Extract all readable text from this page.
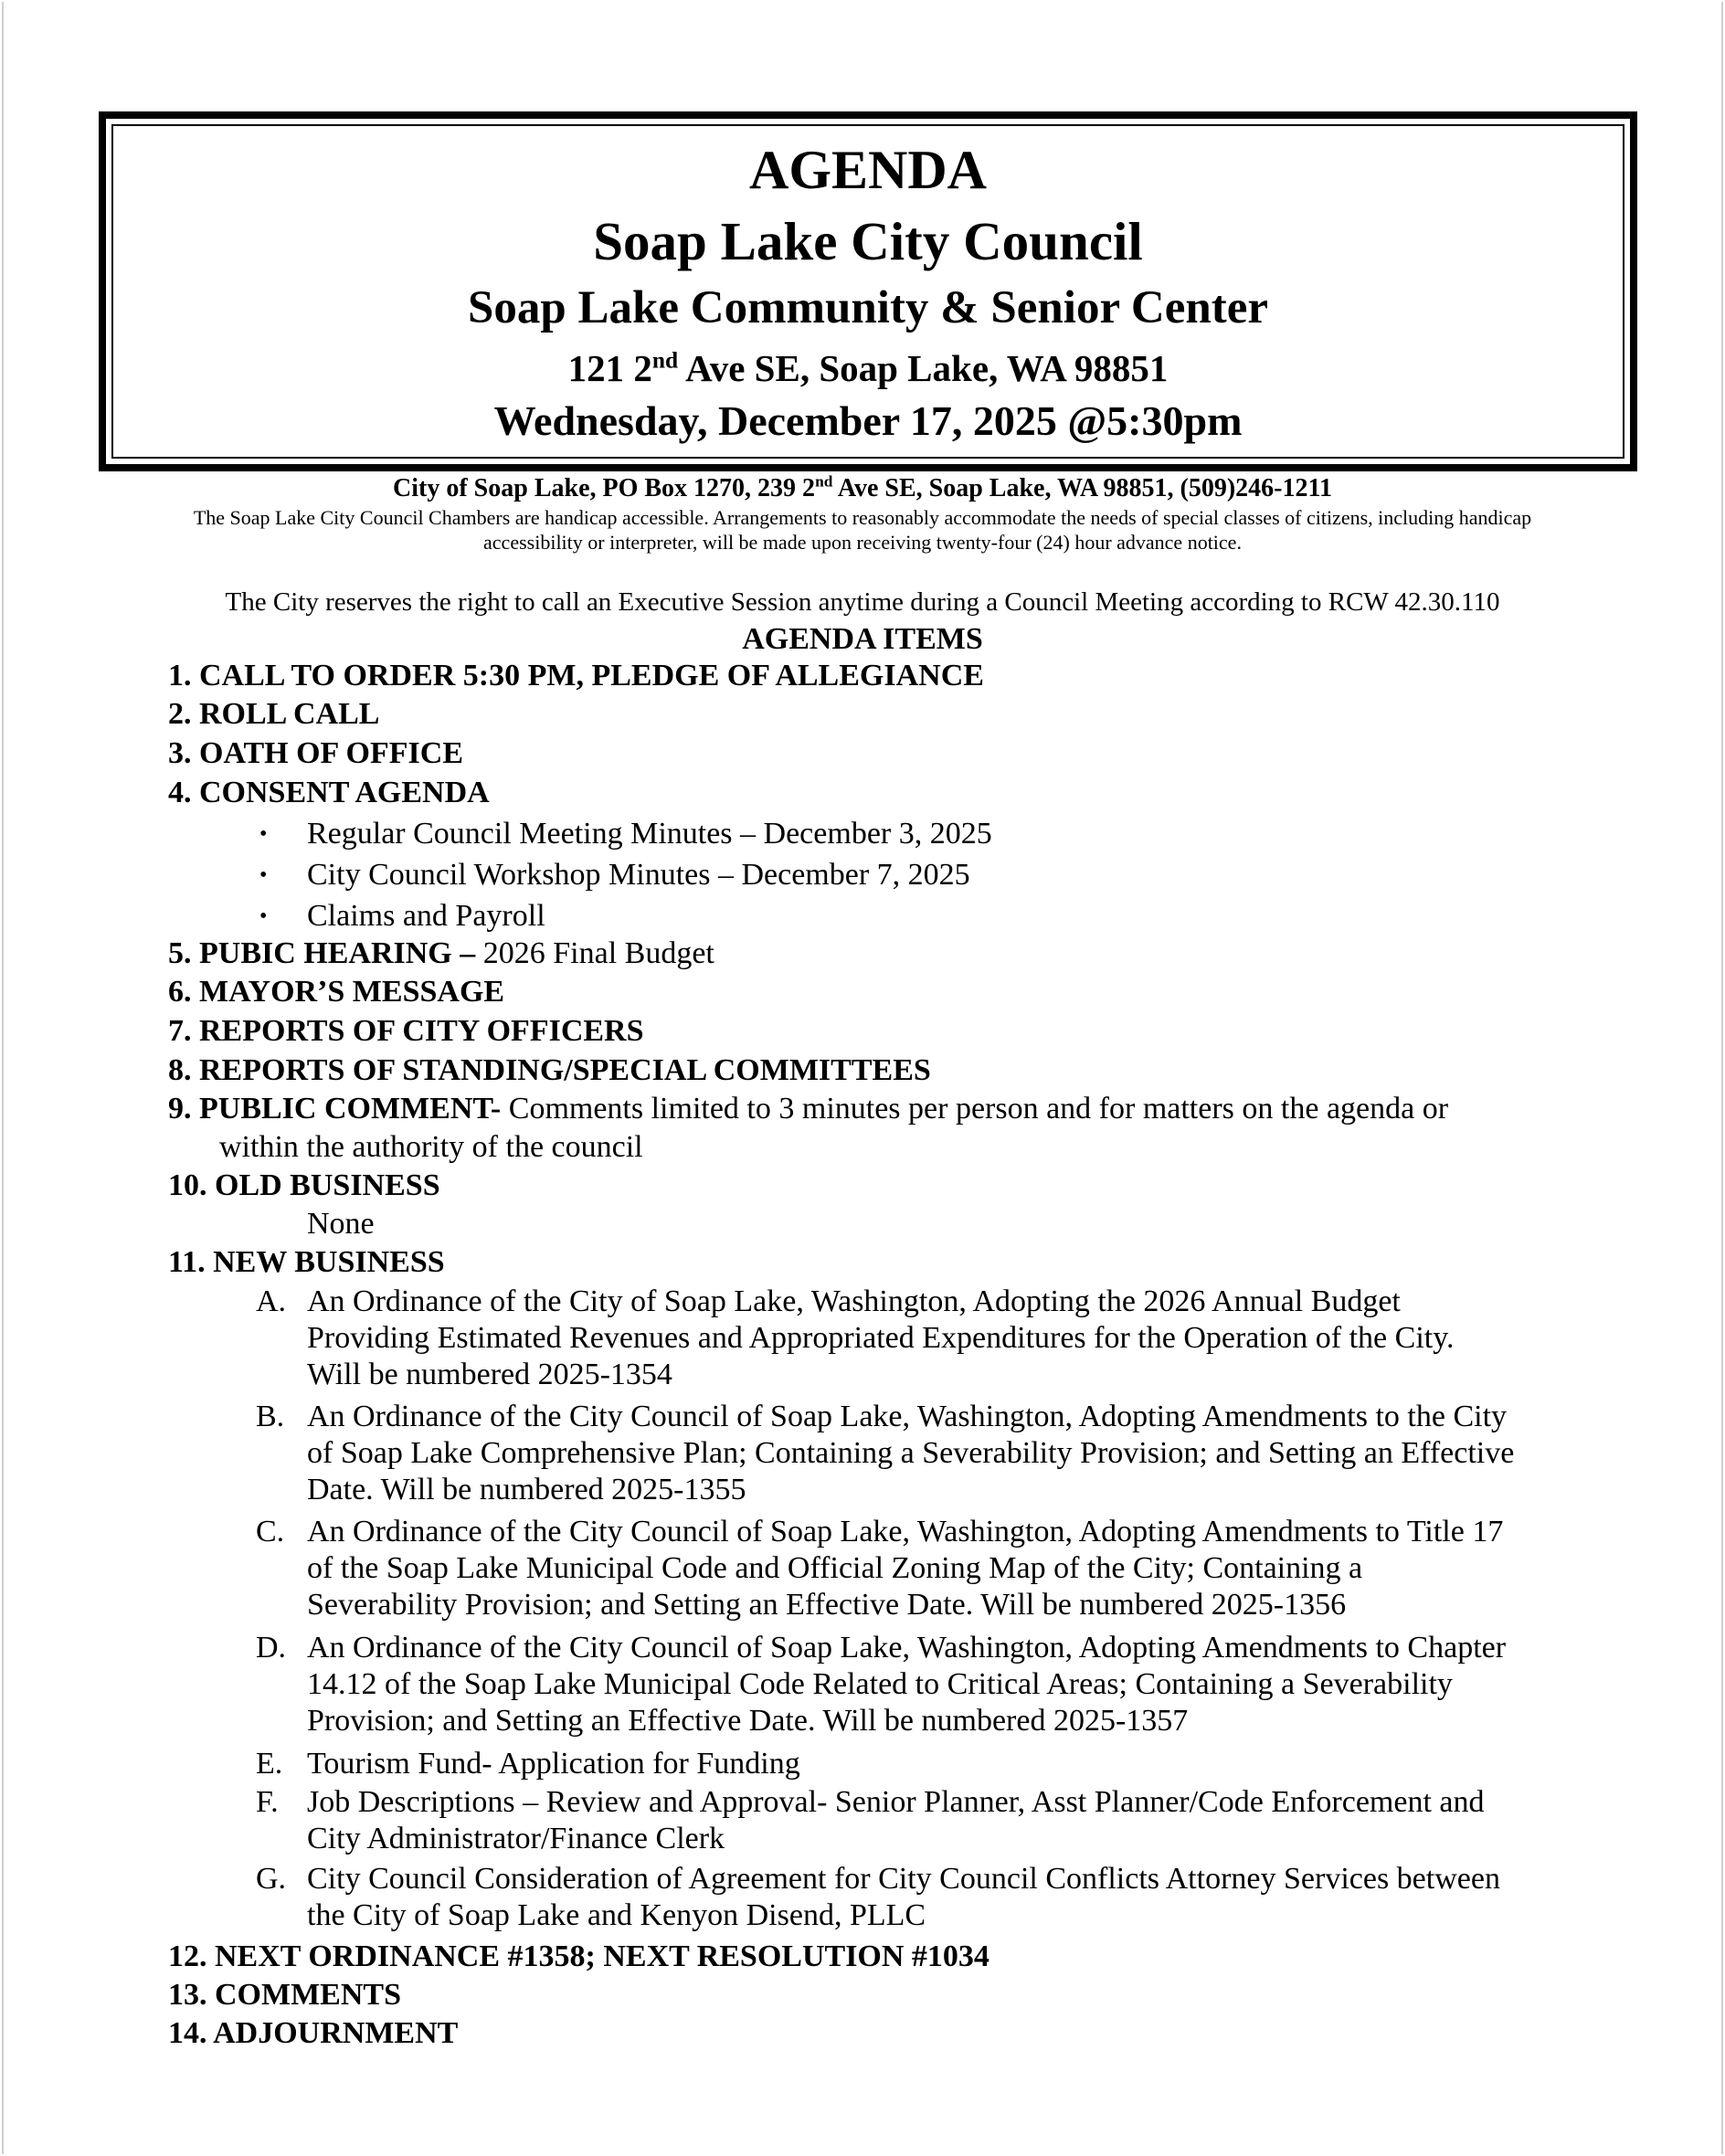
AGENDA
Soap Lake City Council
Soap Lake Community & Senior Center
121 2nd Ave SE, Soap Lake, WA 98851
Wednesday, December 17, 2025 @5:30pm
City of Soap Lake, PO Box 1270, 239 2nd Ave SE, Soap Lake, WA 98851, (509)246-1211
The Soap Lake City Council Chambers are handicap accessible. Arrangements to reasonably accommodate the needs of special classes of citizens, including handicap
accessibility or interpreter, will be made upon receiving twenty-four (24) hour advance notice.
The City reserves the right to call an Executive Session anytime during a Council Meeting according to RCW 42.30.110
AGENDA ITEMS
1. CALL TO ORDER 5:30 PM, PLEDGE OF ALLEGIANCE
2. ROLL CALL
3. OATH OF OFFICE
4. CONSENT AGENDA
• Regular Council Meeting Minutes – December 3, 2025
• City Council Workshop Minutes – December 7, 2025
• Claims and Payroll
5. PUBIC HEARING – 2026 Final Budget
6. MAYOR’S MESSAGE
7. REPORTS OF CITY OFFICERS
8. REPORTS OF STANDING/SPECIAL COMMITTEES
9. PUBLIC COMMENT- Comments limited to 3 minutes per person and for matters on the agenda or
within the authority of the council
10. OLD BUSINESS
None
11. NEW BUSINESS
A. An Ordinance of the City of Soap Lake, Washington, Adopting the 2026 Annual Budget
Providing Estimated Revenues and Appropriated Expenditures for the Operation of the City.
Will be numbered 2025-1354
B. An Ordinance of the City Council of Soap Lake, Washington, Adopting Amendments to the City
of Soap Lake Comprehensive Plan; Containing a Severability Provision; and Setting an Effective
Date. Will be numbered 2025-1355
C. An Ordinance of the City Council of Soap Lake, Washington, Adopting Amendments to Title 17
of the Soap Lake Municipal Code and Official Zoning Map of the City; Containing a
Severability Provision; and Setting an Effective Date. Will be numbered 2025-1356
D. An Ordinance of the City Council of Soap Lake, Washington, Adopting Amendments to Chapter
14.12 of the Soap Lake Municipal Code Related to Critical Areas; Containing a Severability
Provision; and Setting an Effective Date. Will be numbered 2025-1357
E. Tourism Fund- Application for Funding
F. Job Descriptions – Review and Approval- Senior Planner, Asst Planner/Code Enforcement and
City Administrator/Finance Clerk
G. City Council Consideration of Agreement for City Council Conflicts Attorney Services between
the City of Soap Lake and Kenyon Disend, PLLC
12. NEXT ORDINANCE #1358; NEXT RESOLUTION #1034
13. COMMENTS
14. ADJOURNMENT
